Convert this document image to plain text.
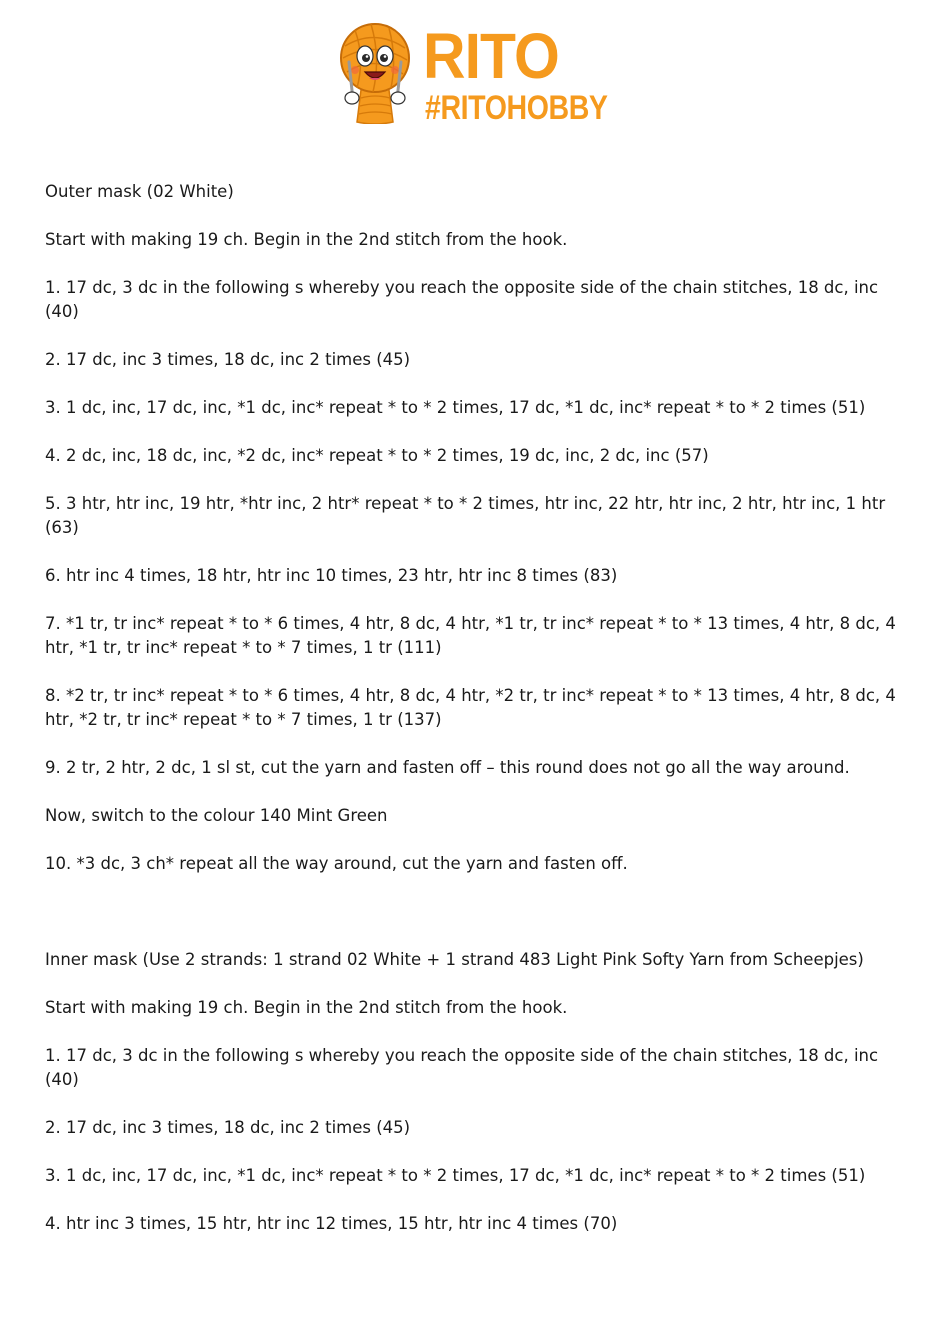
RITO
#RITOHOBBY

Outer mask (02 White)

Start with making 19 ch. Begin in the 2nd stitch from the hook.

1. 17 dc, 3 dc in the following s whereby you reach the opposite side of the chain stitches, 18 dc, inc (40)

2. 17 dc, inc 3 times, 18 dc, inc 2 times (45)

3. 1 dc, inc, 17 dc, inc, *1 dc, inc* repeat * to * 2 times, 17 dc, *1 dc, inc* repeat * to * 2 times (51)

4. 2 dc, inc, 18 dc, inc, *2 dc, inc* repeat * to * 2 times, 19 dc, inc, 2 dc, inc (57)

5. 3 htr, htr inc, 19 htr, *htr inc, 2 htr* repeat * to * 2 times, htr inc, 22 htr, htr inc, 2 htr, htr inc, 1 htr (63)

6. htr inc 4 times, 18 htr, htr inc 10 times, 23 htr, htr inc 8 times (83)

7. *1 tr, tr inc* repeat * to * 6 times, 4 htr, 8 dc, 4 htr, *1 tr, tr inc* repeat * to * 13 times, 4 htr, 8 dc, 4 htr, *1 tr, tr inc* repeat * to * 7 times, 1 tr (111)

8. *2 tr, tr inc* repeat * to * 6 times, 4 htr, 8 dc, 4 htr, *2 tr, tr inc* repeat * to * 13 times, 4 htr, 8 dc, 4 htr, *2 tr, tr inc* repeat * to * 7 times, 1 tr (137)

9. 2 tr, 2 htr, 2 dc, 1 sl st, cut the yarn and fasten off – this round does not go all the way around.

Now, switch to the colour 140 Mint Green

10. *3 dc, 3 ch* repeat all the way around, cut the yarn and fasten off.

Inner mask (Use 2 strands: 1 strand 02 White + 1 strand 483 Light Pink Softy Yarn from Scheepjes)

Start with making 19 ch. Begin in the 2nd stitch from the hook.

1. 17 dc, 3 dc in the following s whereby you reach the opposite side of the chain stitches, 18 dc, inc (40)

2. 17 dc, inc 3 times, 18 dc, inc 2 times (45)

3. 1 dc, inc, 17 dc, inc, *1 dc, inc* repeat * to * 2 times, 17 dc, *1 dc, inc* repeat * to * 2 times (51)

4. htr inc 3 times, 15 htr, htr inc 12 times, 15 htr, htr inc 4 times (70)
